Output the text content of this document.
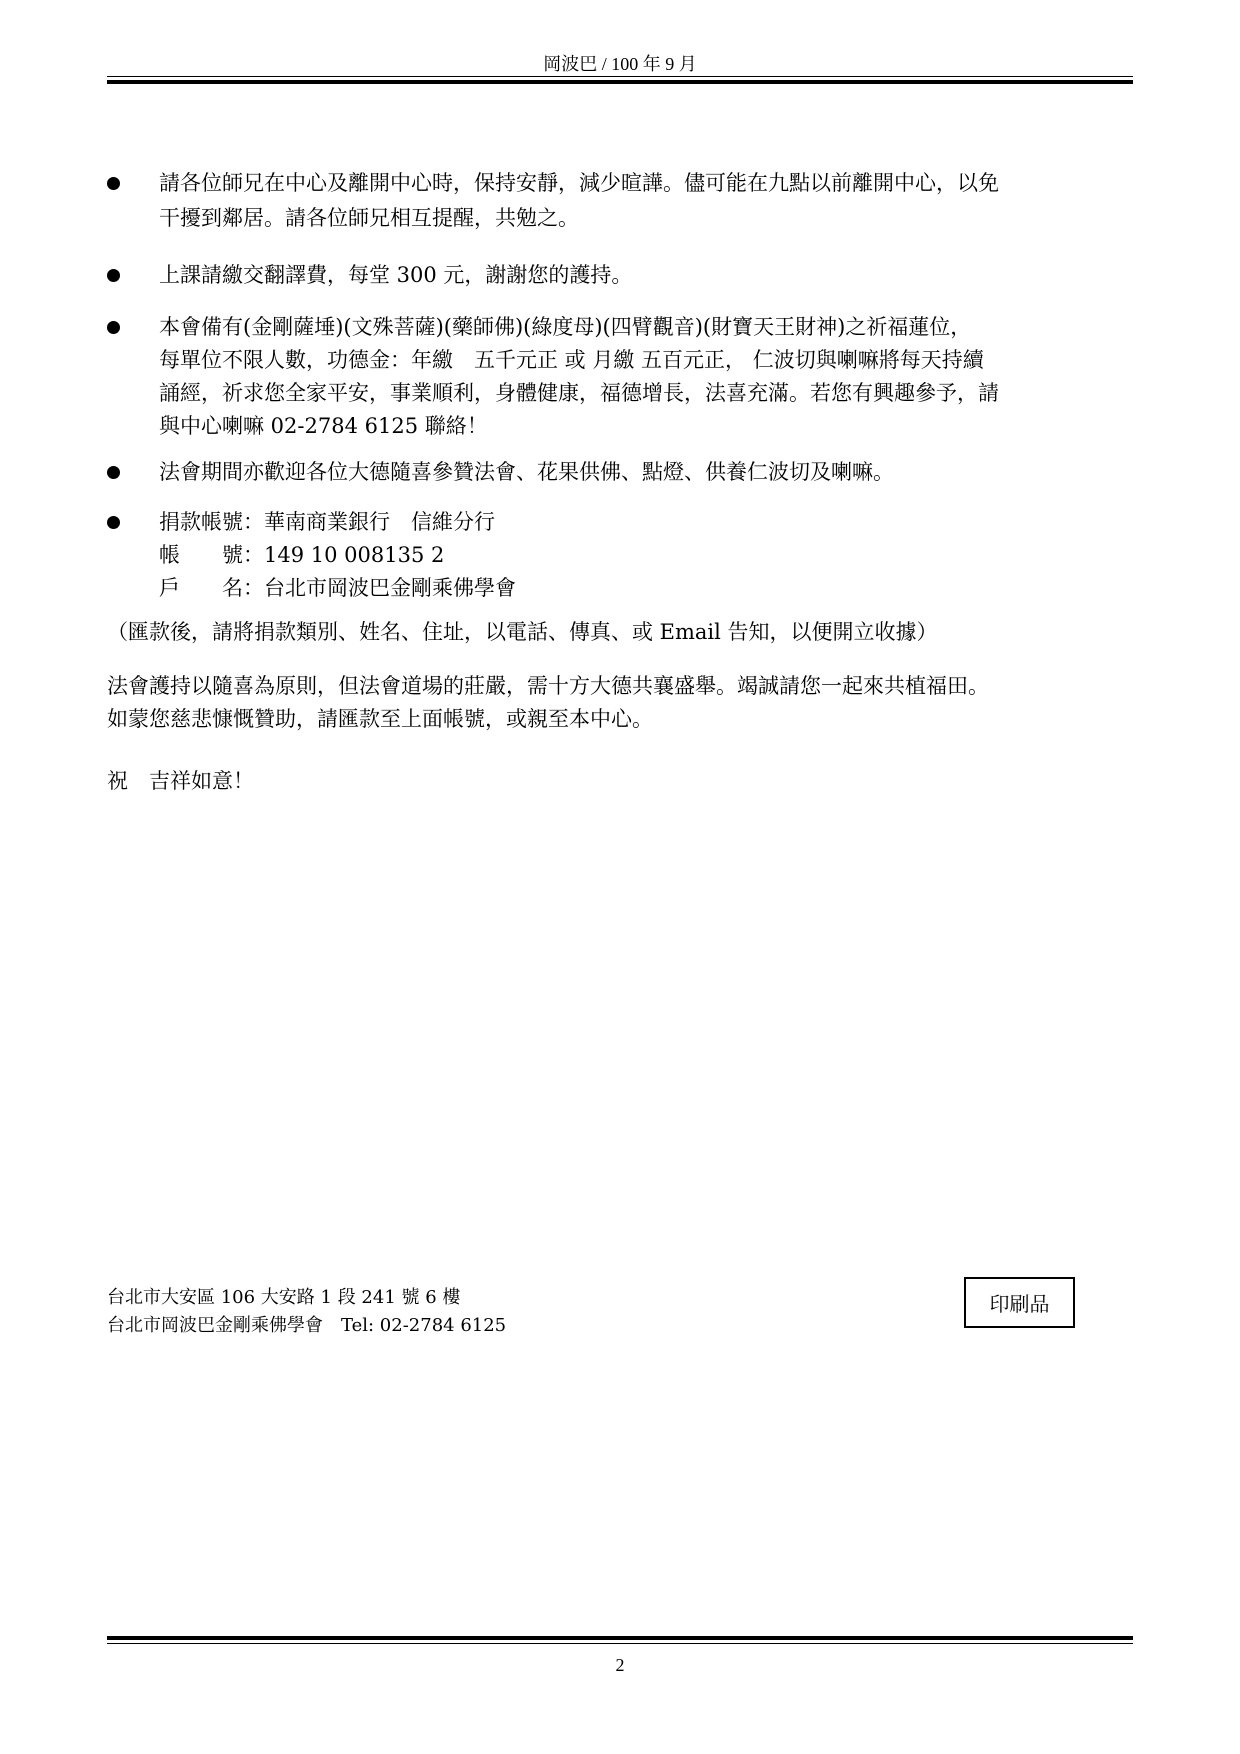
岡波巴 / 100 年 9 月
請各位師兄在中心及離開中心時，保持安靜，減少暄譁。儘可能在九點以前離開中心，以免
干擾到鄰居。請各位師兄相互提醒，共勉之。
上課請繳交翻譯費，每堂 300 元，謝謝您的護持。
本會備有(金剛薩埵)(文殊菩薩)(藥師佛)(綠度母)(四臂觀音)(財寶天王財神)之祈福蓮位，
每單位不限人數，功德金：年繳　五千元正 或 月繳 五百元正， 仁波切與喇嘛將每天持續
誦經，祈求您全家平安，事業順利，身體健康，福德增長，法喜充滿。若您有興趣參予，請
與中心喇嘛 02-2784 6125 聯絡！
法會期間亦歡迎各位大德隨喜參贊法會、花果供佛、點燈、供養仁波切及喇嘛。
捐款帳號：華南商業銀行　信維分行
帳　　號：149 10 008135 2
戶　　名：台北市岡波巴金剛乘佛學會
（匯款後，請將捐款類別、姓名、住址，以電話、傳真、或 Email 告知，以便開立收據）
法會護持以隨喜為原則，但法會道場的莊嚴，需十方大德共襄盛舉。竭誠請您一起來共植福田。
如蒙您慈悲慷慨贊助，請匯款至上面帳號，或親至本中心。
祝　吉祥如意！
台北市大安區 106 大安路 1 段 241 號 6 樓
台北市岡波巴金剛乘佛學會　Tel: 02-2784 6125
印刷品
2
